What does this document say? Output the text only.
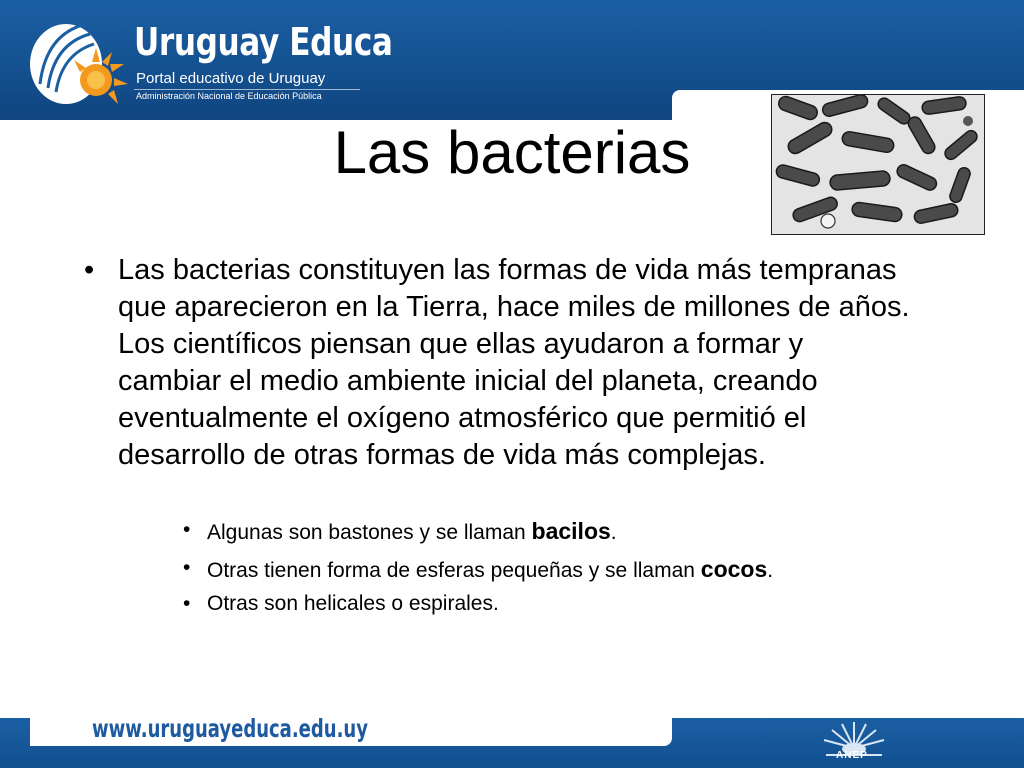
Uruguay Educa
Portal educativo de Uruguay
Administración Nacional de Educación Pública
Las bacterias
• Las bacterias constituyen las formas de vida más tempranas que aparecieron en la Tierra, hace miles de millones de años. Los científicos piensan que ellas ayudaron a formar y cambiar el medio ambiente inicial del planeta, creando eventualmente el oxígeno atmosférico que permitió el desarrollo de otras formas de vida más complejas.
• Algunas son bastones y se llaman bacilos.
• Otras tienen forma de esferas pequeñas y se llaman cocos.
• Otras son helicales o espirales.
www.uruguayeduca.edu.uy
ANEP
